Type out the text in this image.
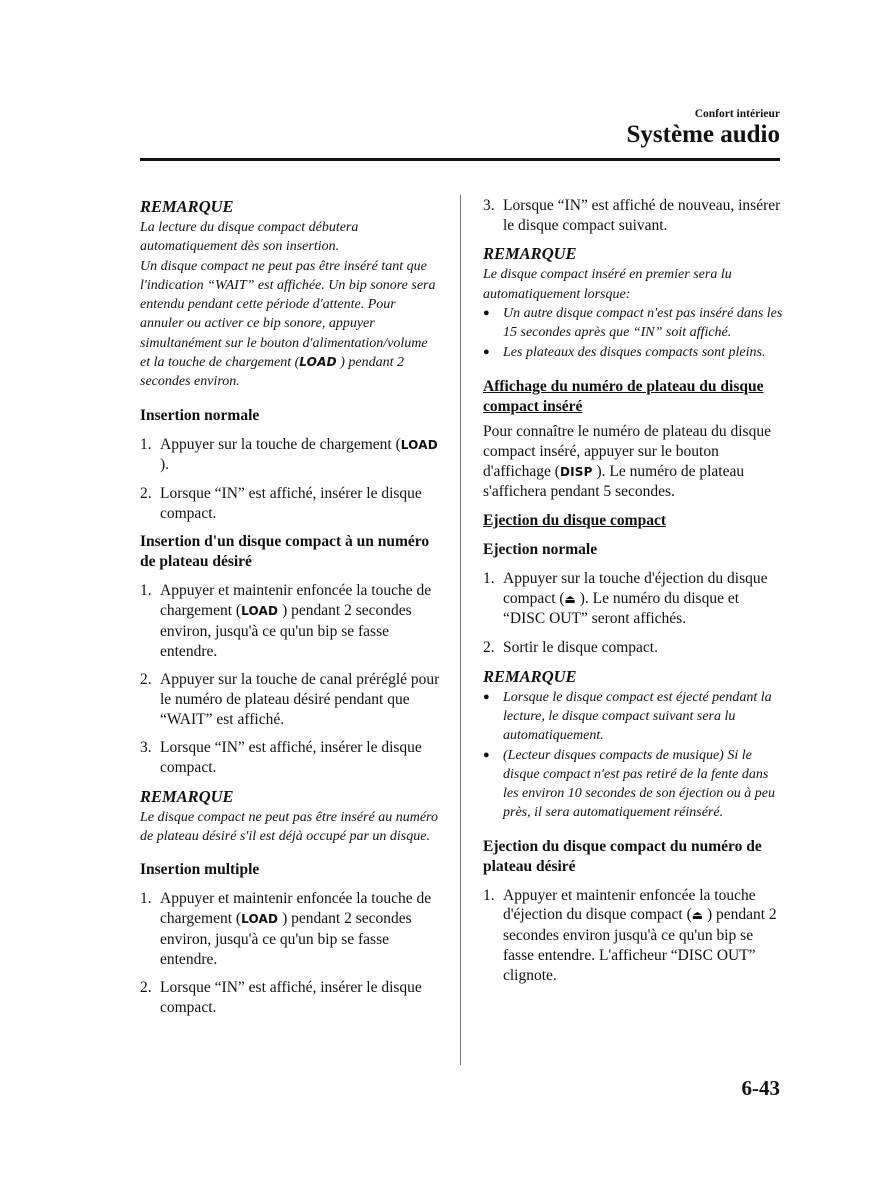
Confort intérieur
Système audio

REMARQUE

La lecture du disque compact débutera automatiquement dès son insertion.

Un disque compact ne peut pas être inséré tant que l'indication “WAIT” est affichée. Un bip sonore sera entendu pendant cette période d'attente. Pour annuler ou activer ce bip sonore, appuyer simultanément sur le bouton d'alimentation/volume et la touche de chargement (LOAD ) pendant 2 secondes environ.

Insertion normale

1. Appuyer sur la touche de chargement (LOAD ).
2. Lorsque “IN” est affiché, insérer le disque compact.

Insertion d'un disque compact à un numéro de plateau désiré

1. Appuyer et maintenir enfoncée la touche de chargement (LOAD ) pendant 2 secondes environ, jusqu'à ce qu'un bip se fasse entendre.
2. Appuyer sur la touche de canal préréglé pour le numéro de plateau désiré pendant que “WAIT” est affiché.
3. Lorsque “IN” est affiché, insérer le disque compact.

REMARQUE

Le disque compact ne peut pas être inséré au numéro de plateau désiré s'il est déjà occupé par un disque.

Insertion multiple

1. Appuyer et maintenir enfoncée la touche de chargement (LOAD ) pendant 2 secondes environ, jusqu'à ce qu'un bip se fasse entendre.
2. Lorsque “IN” est affiché, insérer le disque compact.
3. Lorsque “IN” est affiché de nouveau, insérer le disque compact suivant.

REMARQUE

Le disque compact inséré en premier sera lu automatiquement lorsque:

● Un autre disque compact n'est pas inséré dans les 15 secondes après que “IN” soit affiché.
● Les plateaux des disques compacts sont pleins.

Affichage du numéro de plateau du disque compact inséré

Pour connaître le numéro de plateau du disque compact inséré, appuyer sur le bouton d'affichage (DISP ). Le numéro de plateau s'affichera pendant 5 secondes.

Ejection du disque compact

Ejection normale

1. Appuyer sur la touche d'éjection du disque compact (⏏ ). Le numéro du disque et “DISC OUT” seront affichés.
2. Sortir le disque compact.

REMARQUE

● Lorsque le disque compact est éjecté pendant la lecture, le disque compact suivant sera lu automatiquement.
● (Lecteur disques compacts de musique) Si le disque compact n'est pas retiré de la fente dans les environ 10 secondes de son éjection ou à peu près, il sera automatiquement réinséré.

Ejection du disque compact du numéro de plateau désiré

1. Appuyer et maintenir enfoncée la touche d'éjection du disque compact (⏏ ) pendant 2 secondes environ jusqu'à ce qu'un bip se fasse entendre. L'afficheur “DISC OUT” clignote.
6-43
